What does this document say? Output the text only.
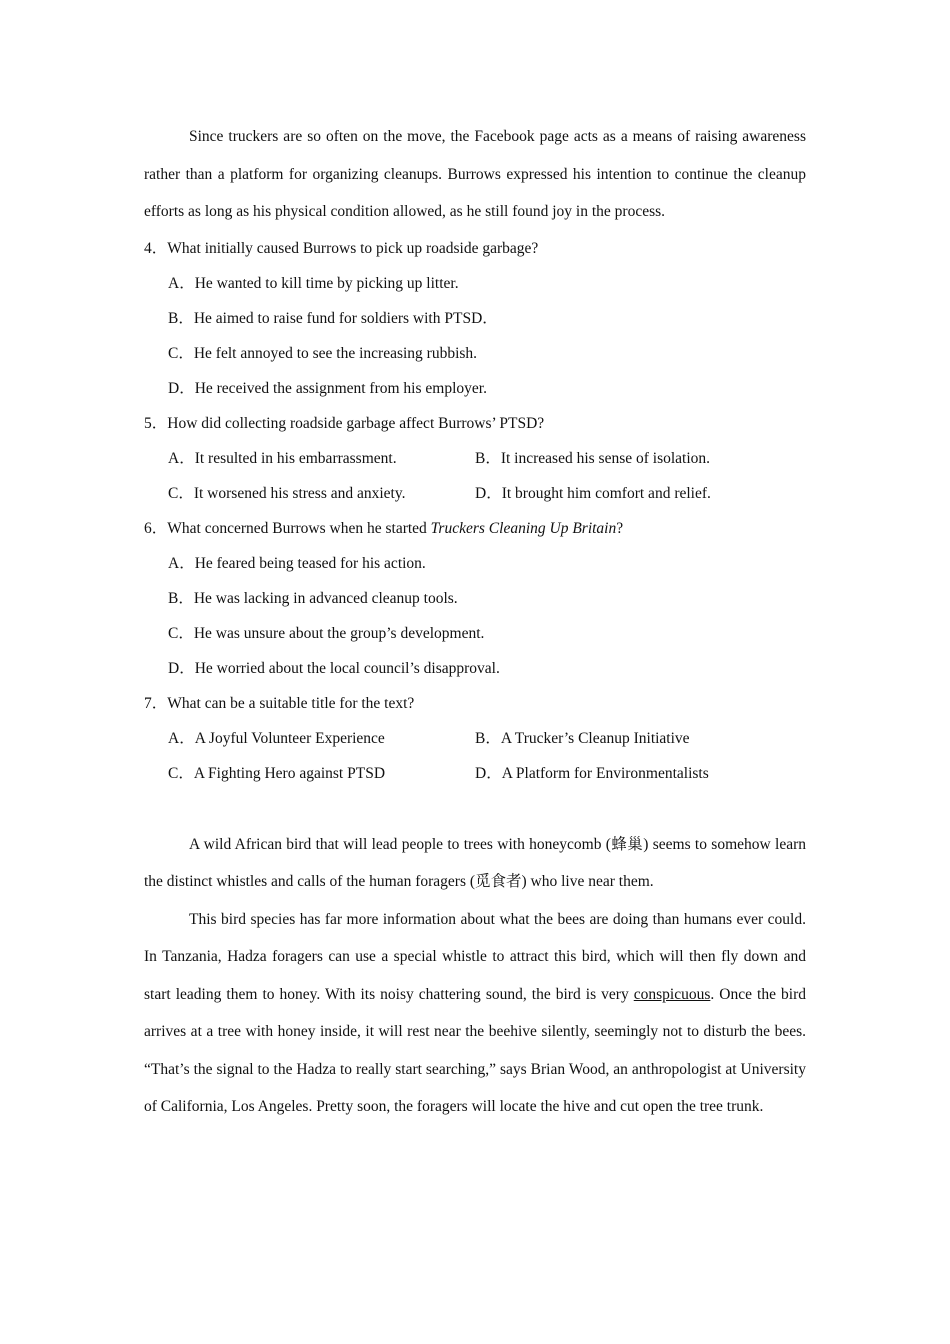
Since truckers are so often on the move, the Facebook page acts as a means of raising awareness rather than a platform for organizing cleanups. Burrows expressed his intention to continue the cleanup efforts as long as his physical condition allowed, as he still found joy in the process.

4．What initially caused Burrows to pick up roadside garbage?

A．He wanted to kill time by picking up litter.

B．He aimed to raise fund for soldiers with PTSD．

C．He felt annoyed to see the increasing rubbish.

D．He received the assignment from his employer.

5．How did collecting roadside garbage affect Burrows’ PTSD?

A．It resulted in his embarrassment.	B．It increased his sense of isolation.
C．It worsened his stress and anxiety.	D．It brought him comfort and relief.

6．What concerned Burrows when he started Truckers Cleaning Up Britain?

A．He feared being teased for his action.

B．He was lacking in advanced cleanup tools.

C．He was unsure about the group’s development.

D．He worried about the local council’s disapproval.

7．What can be a suitable title for the text?

A．A Joyful Volunteer Experience	B．A Trucker’s Cleanup Initiative
C．A Fighting Hero against PTSD	D．A Platform for Environmentalists

A wild African bird that will lead people to trees with honeycomb (蜂巢) seems to somehow learn the distinct whistles and calls of the human foragers (觅食者) who live near them.

This bird species has far more information about what the bees are doing than humans ever could. In Tanzania, Hadza foragers can use a special whistle to attract this bird, which will then fly down and start leading them to honey. With its noisy chattering sound, the bird is very conspicuous. Once the bird arrives at a tree with honey inside, it will rest near the beehive silently, seemingly not to disturb the bees. “That’s the signal to the Hadza to really start searching,” says Brian Wood, an anthropologist at University of California, Los Angeles. Pretty soon, the foragers will locate the hive and cut open the tree trunk.
